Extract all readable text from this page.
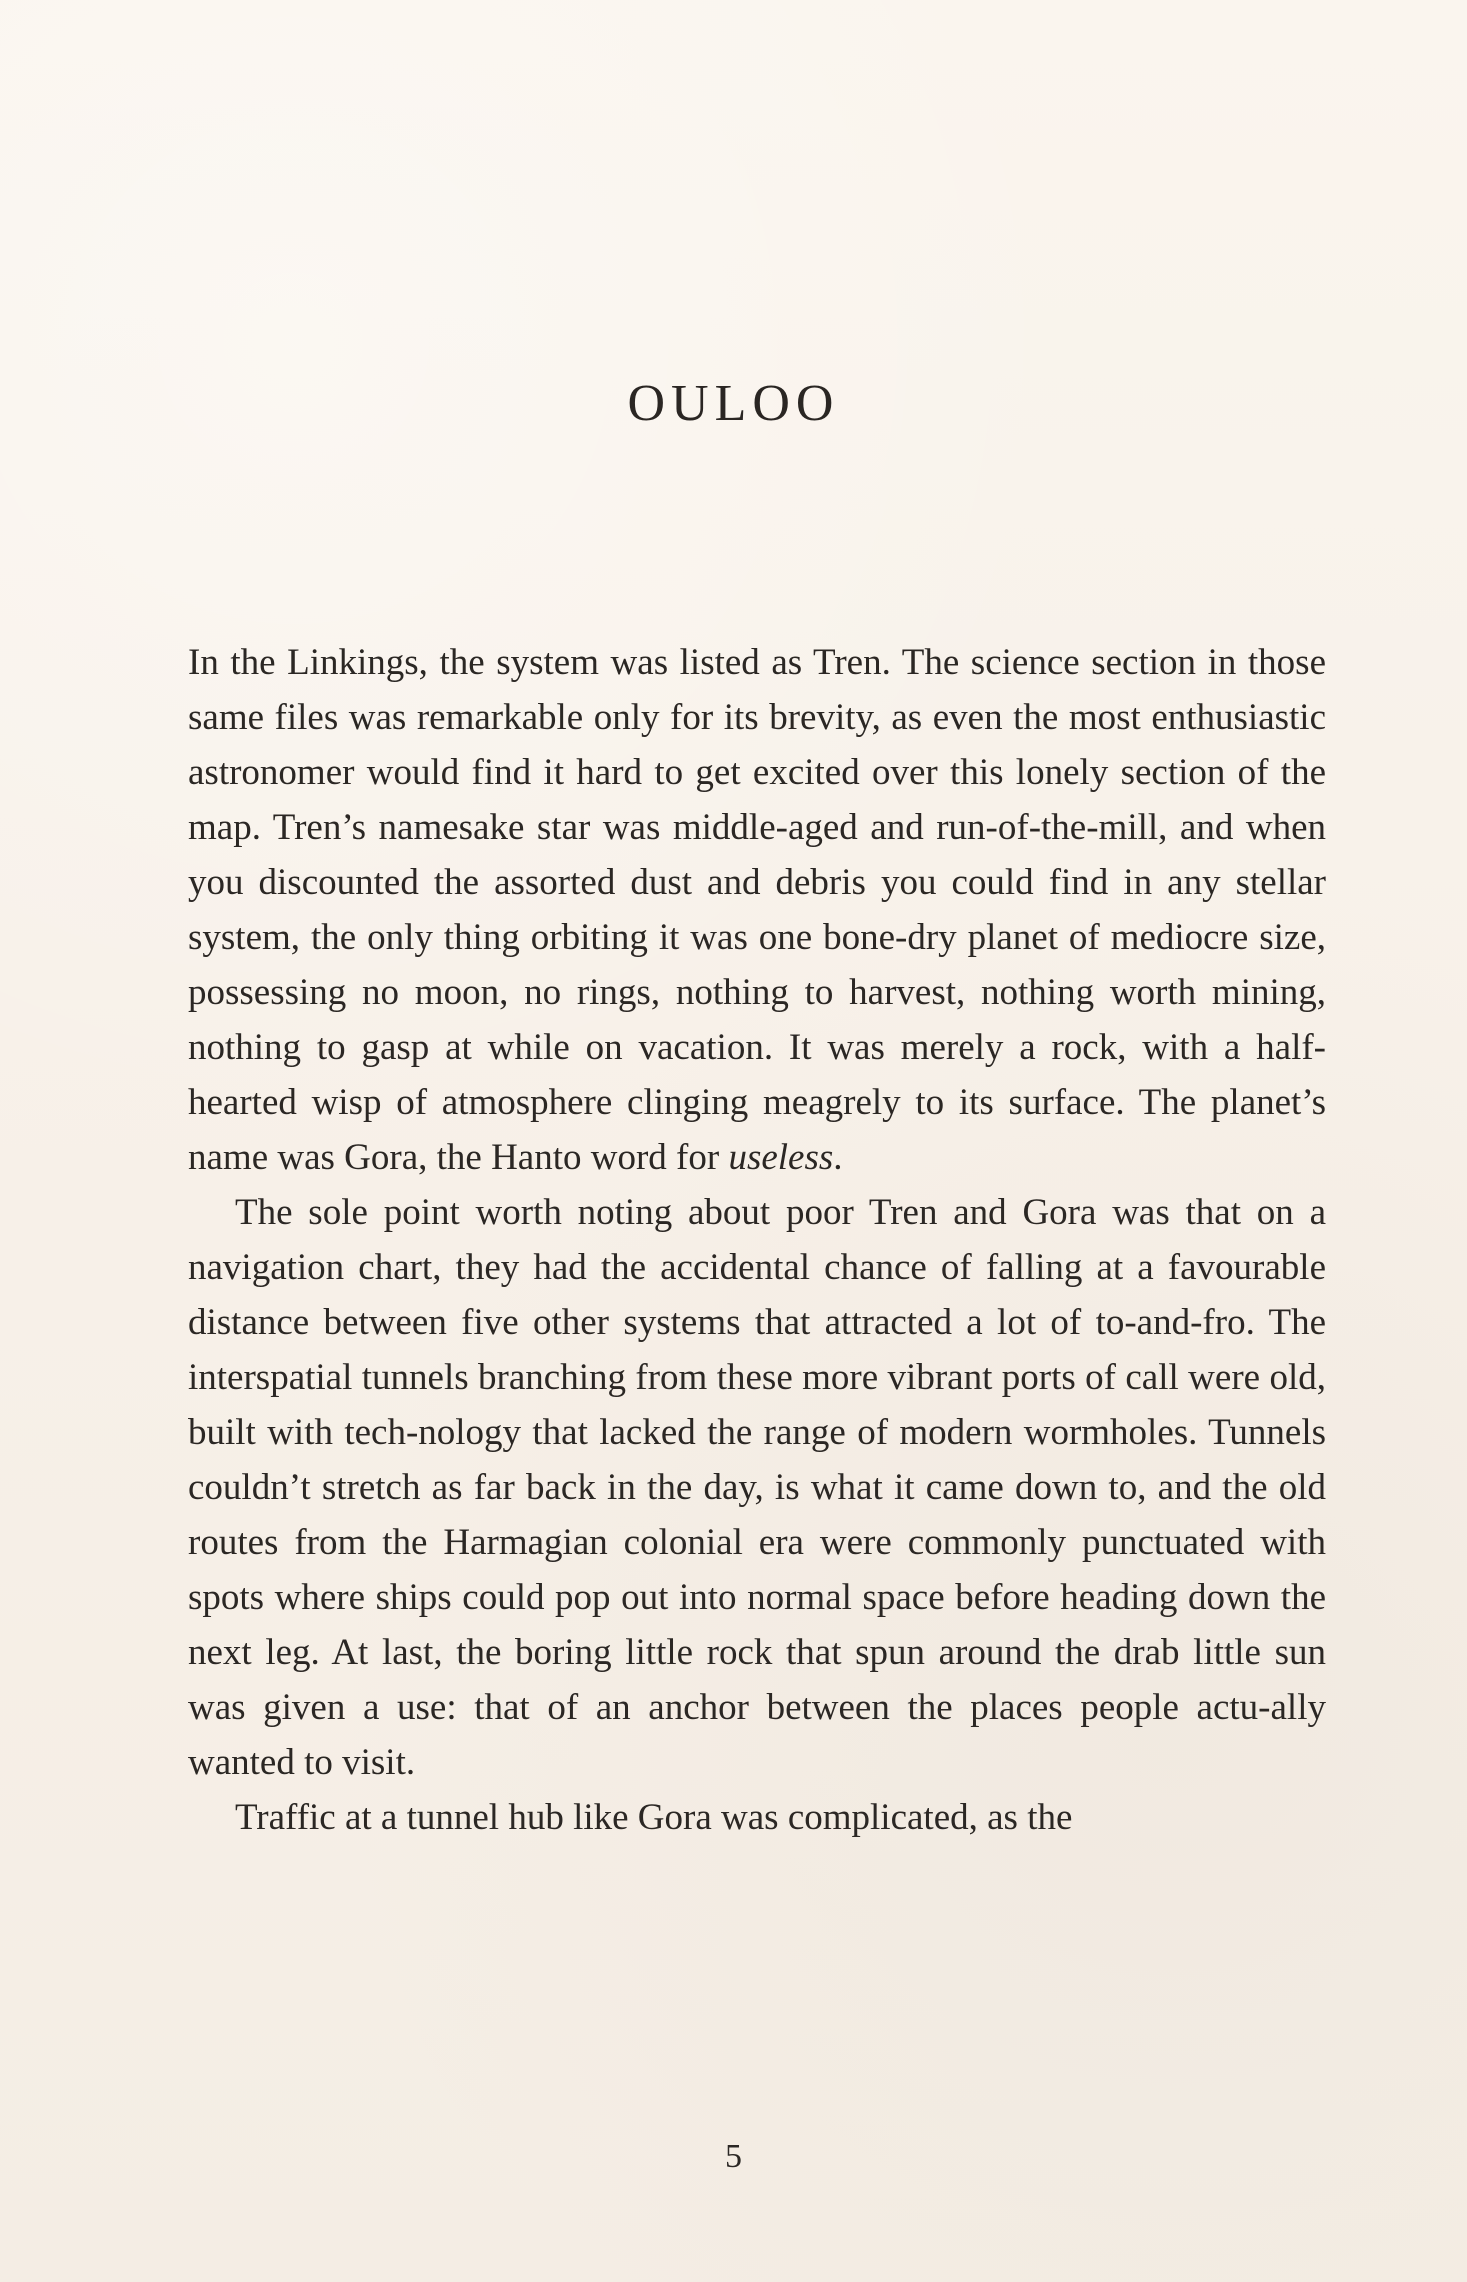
OULOO

In the Linkings, the system was listed as Tren. The science section in those same files was remarkable only for its brevity, as even the most enthusiastic astronomer would find it hard to get excited over this lonely section of the map. Tren’s namesake star was middle-aged and run-of-the-mill, and when you discounted the assorted dust and debris you could find in any stellar system, the only thing orbiting it was one bone-dry planet of mediocre size, possessing no moon, no rings, nothing to harvest, nothing worth mining, nothing to gasp at while on vacation. It was merely a rock, with a half-hearted wisp of atmosphere clinging meagrely to its surface. The planet’s name was Gora, the Hanto word for useless.

The sole point worth noting about poor Tren and Gora was that on a navigation chart, they had the accidental chance of falling at a favourable distance between five other systems that attracted a lot of to-and-fro. The interspatial tunnels branching from these more vibrant ports of call were old, built with tech-nology that lacked the range of modern wormholes. Tunnels couldn’t stretch as far back in the day, is what it came down to, and the old routes from the Harmagian colonial era were commonly punctuated with spots where ships could pop out into normal space before heading down the next leg. At last, the boring little rock that spun around the drab little sun was given a use: that of an anchor between the places people actu-ally wanted to visit.

Traffic at a tunnel hub like Gora was complicated, as the

5
